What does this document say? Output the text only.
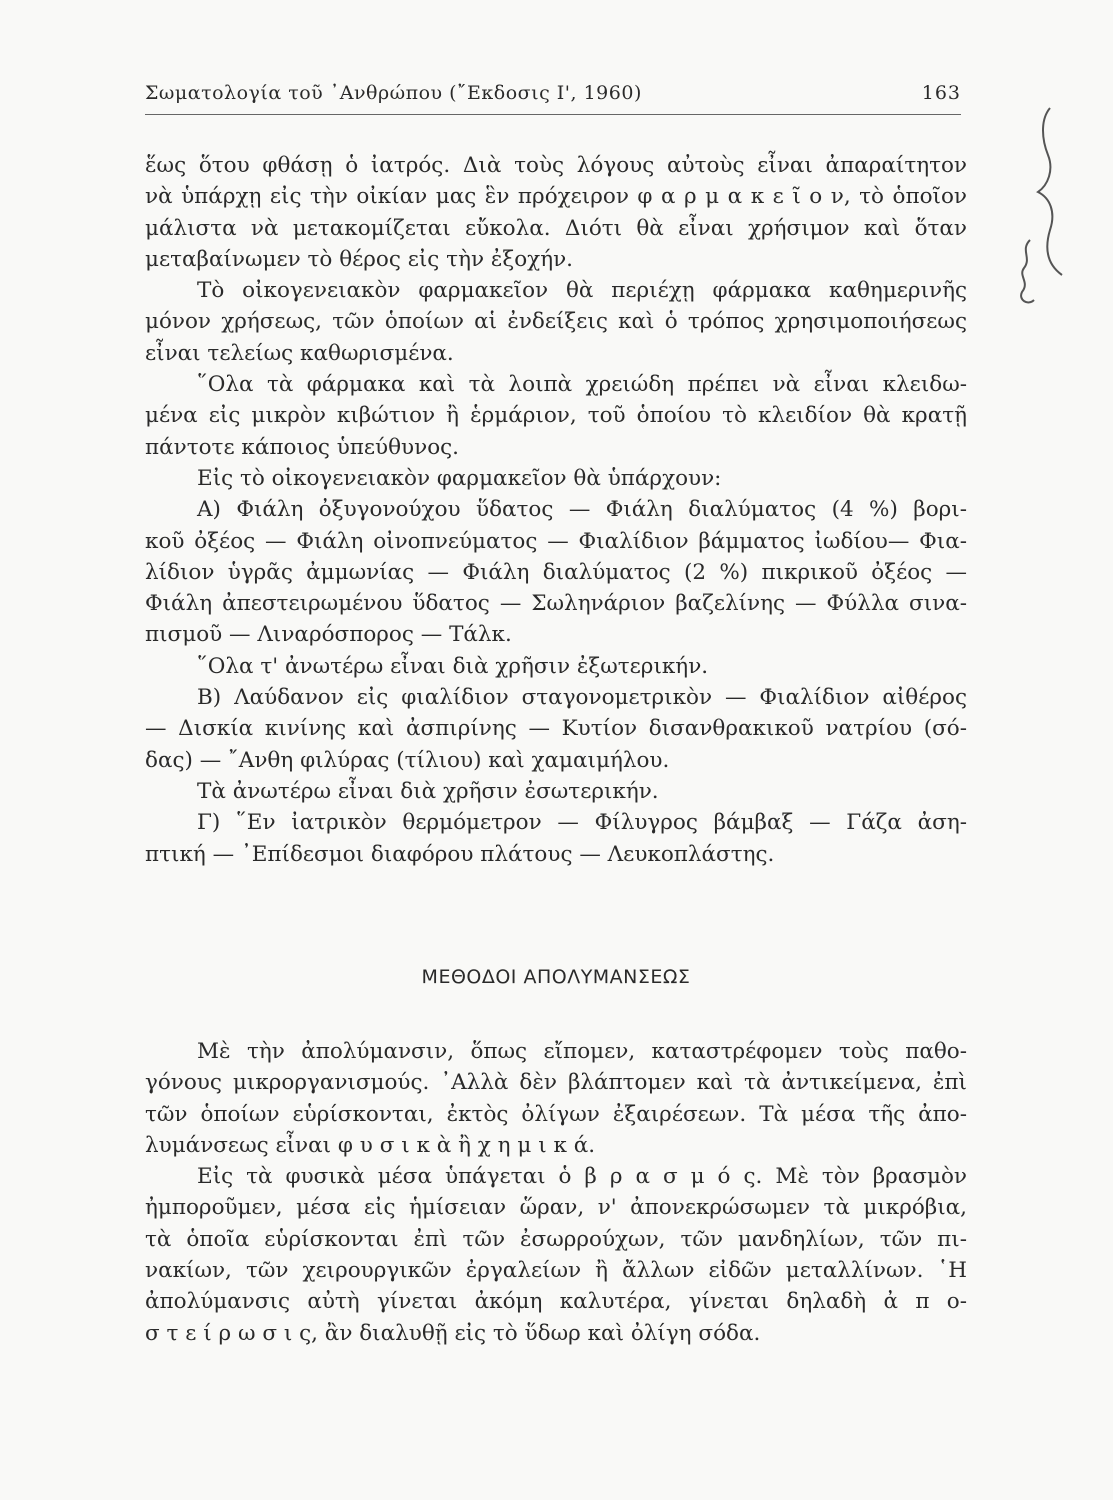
Σωματολογία τοῦ ᾿Ανθρώπου (῎Εκδοσις Ι', 1960)	163
ἕως ὅτου φθάσῃ ὁ ἰατρός. Διὰ τοὺς λόγους αὐτοὺς εἶναι ἀπαραίτητον
νὰ ὑπάρχῃ εἰς τὴν οἰκίαν μας ἓν πρόχειρον φ α ρ μ α κ ε ῖ ο ν, τὸ ὁποῖον
μάλιστα νὰ μετακομίζεται εὔκολα. Διότι θὰ εἶναι χρήσιμον καὶ ὅταν
μεταβαίνωμεν τὸ θέρος εἰς τὴν ἐξοχήν.
Τὸ οἰκογενειακὸν φαρμακεῖον θὰ περιέχῃ φάρμακα καθημερινῆς
μόνον χρήσεως, τῶν ὁποίων αἱ ἐνδείξεις καὶ ὁ τρόπος χρησιμοποιήσεως
εἶναι τελείως καθωρισμένα.
῞Ολα τὰ φάρμακα καὶ τὰ λοιπὰ χρειώδη πρέπει νὰ εἶναι κλειδω-
μένα εἰς μικρὸν κιβώτιον ἢ ἑρμάριον, τοῦ ὁποίου τὸ κλειδίον θὰ κρατῇ
πάντοτε κάποιος ὑπεύθυνος.
Εἰς τὸ οἰκογενειακὸν φαρμακεῖον θὰ ὑπάρχουν:
Α) Φιάλη ὀξυγονούχου ὕδατος — Φιάλη διαλύματος (4 %) βορι-
κοῦ ὀξέος — Φιάλη οἰνοπνεύματος — Φιαλίδιον βάμματος ἰωδίου— Φια-
λίδιον ὑγρᾶς ἀμμωνίας — Φιάλη διαλύματος (2 %) πικρικοῦ ὀξέος —
Φιάλη ἀπεστειρωμένου ὕδατος — Σωληνάριον βαζελίνης — Φύλλα σινα-
πισμοῦ — Λιναρόσπορος — Τάλκ.
῞Ολα τ' ἀνωτέρω εἶναι διὰ χρῆσιν ἐξωτερικήν.
Β) Λαύδανον εἰς φιαλίδιον σταγονομετρικὸν — Φιαλίδιον αἰθέρος
— Δισκία κινίνης καὶ ἀσπιρίνης — Κυτίον δισανθρακικοῦ νατρίου (σό-
δας) — ῎Ανθη φιλύρας (τίλιου) καὶ χαμαιμήλου.
Τὰ ἀνωτέρω εἶναι διὰ χρῆσιν ἐσωτερικήν.
Γ) ῞Εν ἰατρικὸν θερμόμετρον — Φίλυγρος βάμβαξ — Γάζα ἀση-
πτική — ᾿Επίδεσμοι διαφόρου πλάτους — Λευκοπλάστης.
ΜΕΘΟΔΟΙ ΑΠΟΛΥΜΑΝΣΕΩΣ
Μὲ τὴν ἀπολύμανσιν, ὅπως εἴπομεν, καταστρέφομεν τοὺς παθο-
γόνους μικροργανισμούς. ᾿Αλλὰ δὲν βλάπτομεν καὶ τὰ ἀντικείμενα, ἐπὶ
τῶν ὁποίων εὑρίσκονται, ἐκτὸς ὀλίγων ἐξαιρέσεων. Τὰ μέσα τῆς ἀπο-
λυμάνσεως εἶναι φ υ σ ι κ ὰ ἢ χ η μ ι κ ά.
Εἰς τὰ φυσικὰ μέσα ὑπάγεται ὁ β ρ α σ μ ό ς. Μὲ τὸν βρασμὸν
ἠμποροῦμεν, μέσα εἰς ἡμίσειαν ὥραν, ν' ἀπονεκρώσωμεν τὰ μικρόβια,
τὰ ὁποῖα εὑρίσκονται ἐπὶ τῶν ἐσωρρούχων, τῶν μανδηλίων, τῶν πι-
νακίων, τῶν χειρουργικῶν ἐργαλείων ἢ ἄλλων εἰδῶν μεταλλίνων. ῾Η
ἀπολύμανσις αὐτὴ γίνεται ἀκόμη καλυτέρα, γίνεται δηλαδὴ ἀ π ο-
σ τ ε ί ρ ω σ ι ς, ἂν διαλυθῇ εἰς τὸ ὕδωρ καὶ ὀλίγη σόδα.
